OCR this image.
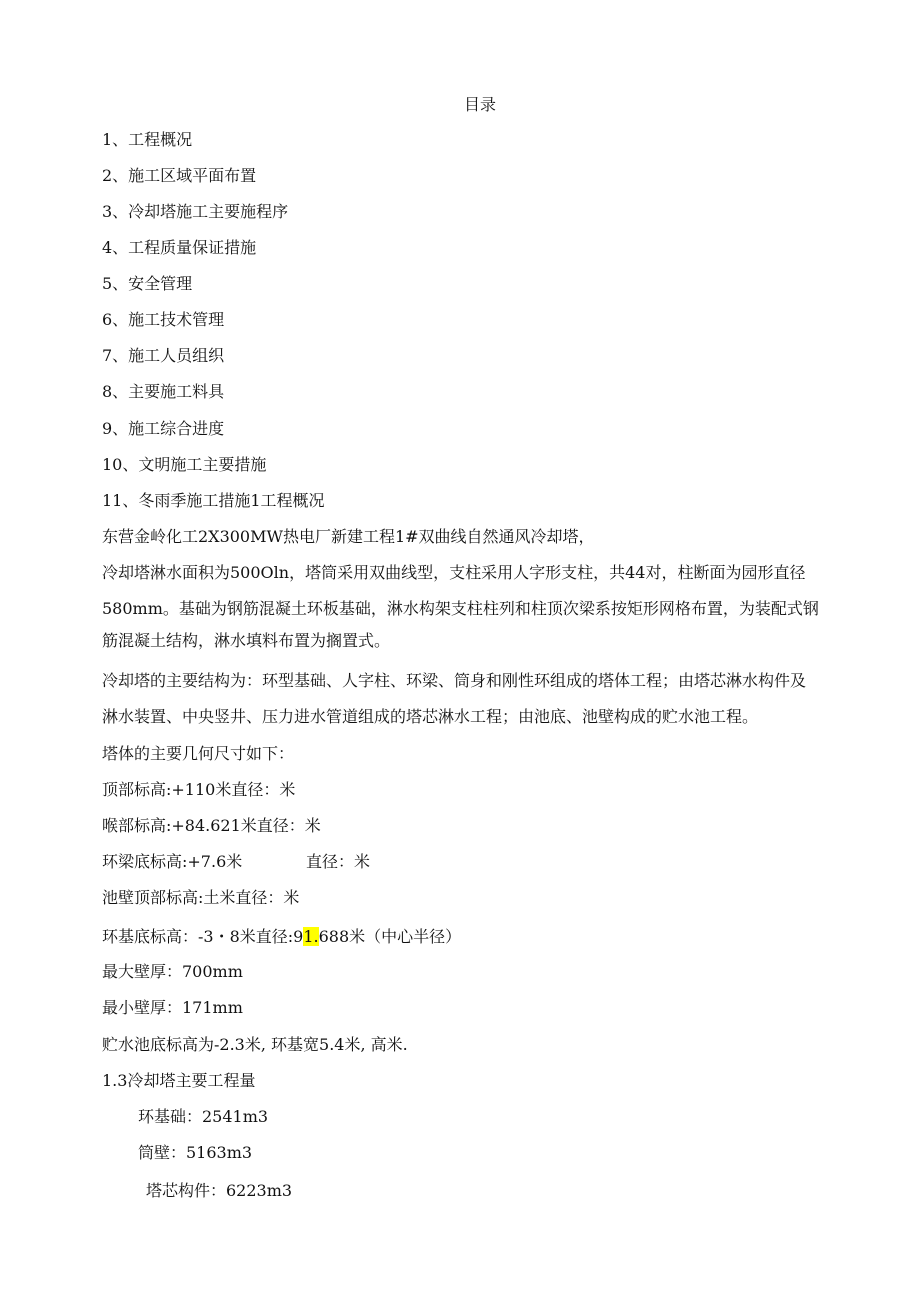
目录
1、工程概况
2、施工区域平面布置
3、冷却塔施工主要施程序
4、工程质量保证措施
5、安全管理
6、施工技术管理
7、施工人员组织
8、主要施工料具
9、施工综合进度
10、文明施工主要措施
11、冬雨季施工措施1工程概况
东营金岭化工2X300MW热电厂新建工程1#双曲线自然通风冷却塔，
冷却塔淋水面积为500Oln，塔筒采用双曲线型，支柱采用人字形支柱，共44对，柱断面为园形直径
580mm。基础为钢筋混凝土环板基础，淋水构架支柱柱列和柱顶次梁系按矩形网格布置，为装配式钢
筋混凝土结构，淋水填料布置为搁置式。
冷却塔的主要结构为：环型基础、人字柱、环梁、筒身和刚性环组成的塔体工程；由塔芯淋水构件及
淋水装置、中央竖井、压力进水管道组成的塔芯淋水工程；由池底、池壁构成的贮水池工程。
塔体的主要几何尺寸如下：
顶部标高:+110米直径：米
喉部标高:+84.621米直径：米
环梁底标高:+7.6米	直径：米
池壁顶部标高:土米直径：米
环基底标高：-3・8米直径:91.688米（中心半径）
最大壁厚：700mm
最小壁厚：171mm
贮水池底标高为-2.3米, 环基宽5.4米, 高米.
1.3冷却塔主要工程量
环基础：2541m3
筒壁：5163m3
塔芯构件：6223m3
